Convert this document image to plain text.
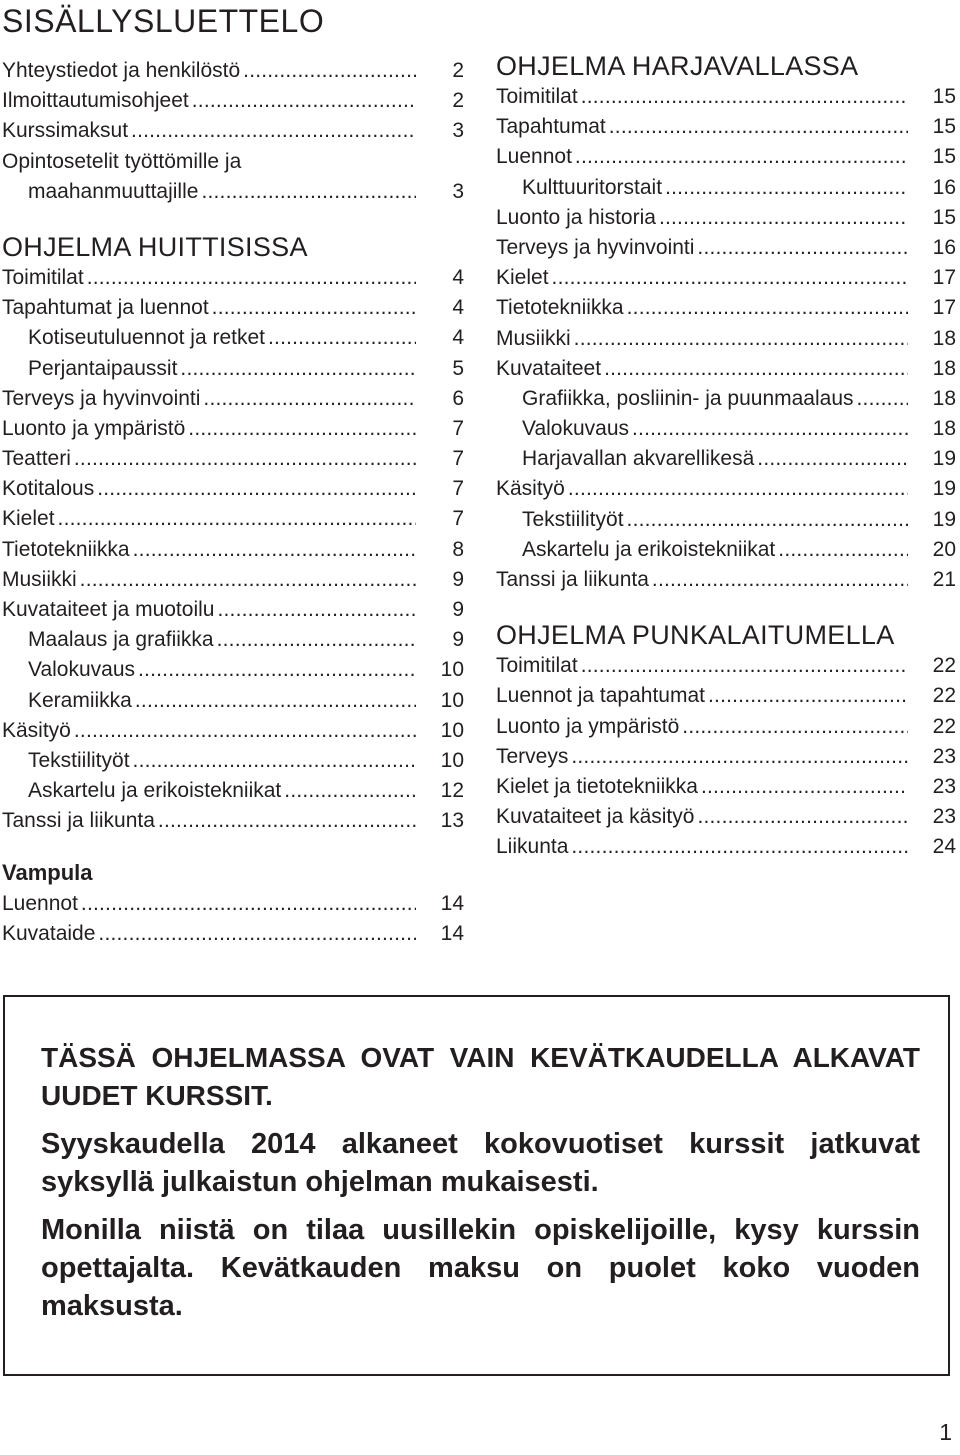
SISÄLLYSLUETTELO
Yhteystiedot ja henkilöstö .....	2
Ilmoittautumisohjeet .....	2
Kurssimaksut .....	3
Opintosetelit työttömille ja
maahanmuuttajille .....	3
OHJELMA HUITTISISSA
Toimitilat .....	4
Tapahtumat ja luennot .....	4
Kotiseutuluennot ja retket .....	4
Perjantaipaussit .....	5
Terveys ja hyvinvointi .....	6
Luonto ja ympäristö .....	7
Teatteri .....	7
Kotitalous .....	7
Kielet .....	7
Tietotekniikka .....	8
Musiikki .....	9
Kuvataiteet ja muotoilu .....	9
Maalaus ja grafiikka .....	9
Valokuvaus .....	10
Keramiikka .....	10
Käsityö .....	10
Tekstiilityöt .....	10
Askartelu ja erikoistekniikat .....	12
Tanssi ja liikunta .....	13
Vampula
Luennot .....	14
Kuvataide .....	14
OHJELMA HARJAVALLASSA
Toimitilat .....	15
Tapahtumat .....	15
Luennot .....	15
Kulttuuritorstait .....	16
Luonto ja historia .....	15
Terveys ja hyvinvointi .....	16
Kielet .....	17
Tietotekniikka .....	17
Musiikki .....	18
Kuvataiteet .....	18
Grafiikka, posliinin- ja puunmaalaus .....	18
Valokuvaus .....	18
Harjavallan akvarellikesä .....	19
Käsityö .....	19
Tekstiilityöt .....	19
Askartelu ja erikoistekniikat .....	20
Tanssi ja liikunta .....	21
OHJELMA PUNKALAITUMELLA
Toimitilat .....	22
Luennot ja tapahtumat .....	22
Luonto ja ympäristö .....	22
Terveys .....	23
Kielet ja tietotekniikka .....	23
Kuvataiteet ja käsityö .....	23
Liikunta .....	24

TÄSSÄ OHJELMASSA OVAT VAIN KEVÄTKAUDELLA ALKAVAT UUDET KURSSIT.

Syyskaudella 2014 alkaneet kokovuotiset kurssit jatkuvat syksyllä julkaistun ohjelman mukaisesti.

Monilla niistä on tilaa uusillekin opiskelijoille, kysy kurssin opettajalta. Kevätkauden maksu on puolet koko vuoden maksusta.

1
